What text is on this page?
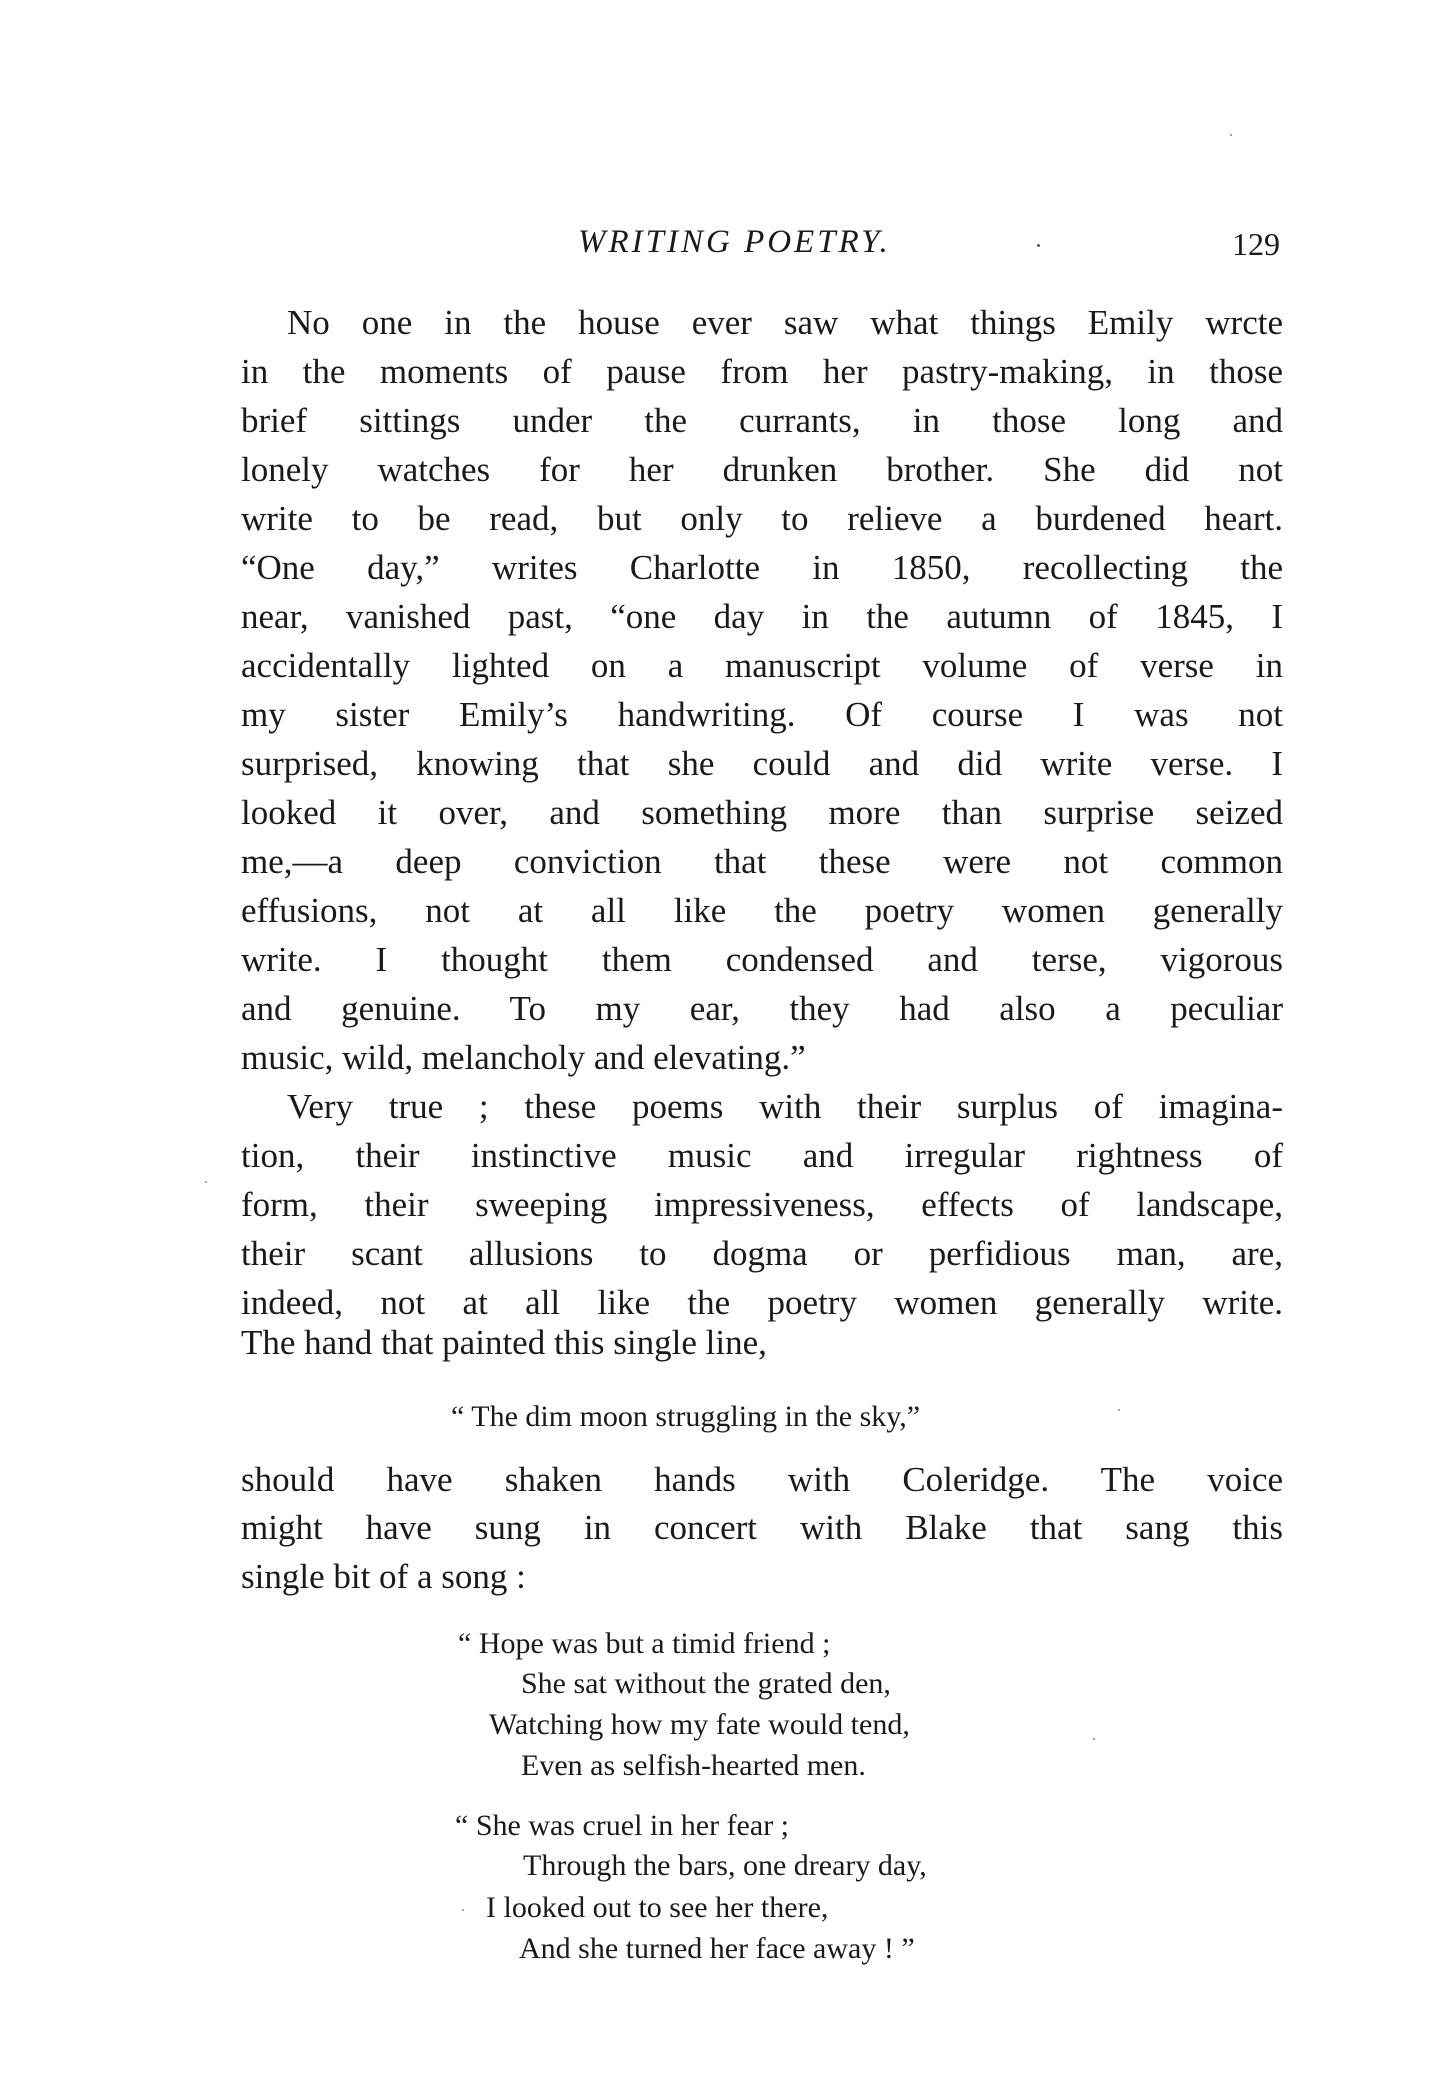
WRITING POETRY.	129
No one in the house ever saw what things Emily wrcte
in the moments of pause from her pastry-making, in those
brief sittings under the currants, in those long and
lonely watches for her drunken brother. She did not
write to be read, but only to relieve a burdened heart.
“One day,” writes Charlotte in 1850, recollecting the
near, vanished past, “one day in the autumn of 1845, I
accidentally lighted on a manuscript volume of verse in
my sister Emily’s handwriting. Of course I was not
surprised, knowing that she could and did write verse. I
looked it over, and something more than surprise seized
me,—a deep conviction that these were not common
effusions, not at all like the poetry women generally
write. I thought them condensed and terse, vigorous
and genuine. To my ear, they had also a peculiar
music, wild, melancholy and elevating.”
Very true ; these poems with their surplus of imagina-
tion, their instinctive music and irregular rightness of
form, their sweeping impressiveness, effects of landscape,
their scant allusions to dogma or perfidious man, are,
indeed, not at all like the poetry women generally write.
The hand that painted this single line,
“ The dim moon struggling in the sky,”
should have shaken hands with Coleridge. The voice
might have sung in concert with Blake that sang this
single bit of a song :
“ Hope was but a timid friend ;
She sat without the grated den,
Watching how my fate would tend,
Even as selfish-hearted men.
“ She was cruel in her fear ;
Through the bars, one dreary day,
I looked out to see her there,
And she turned her face away ! ”
